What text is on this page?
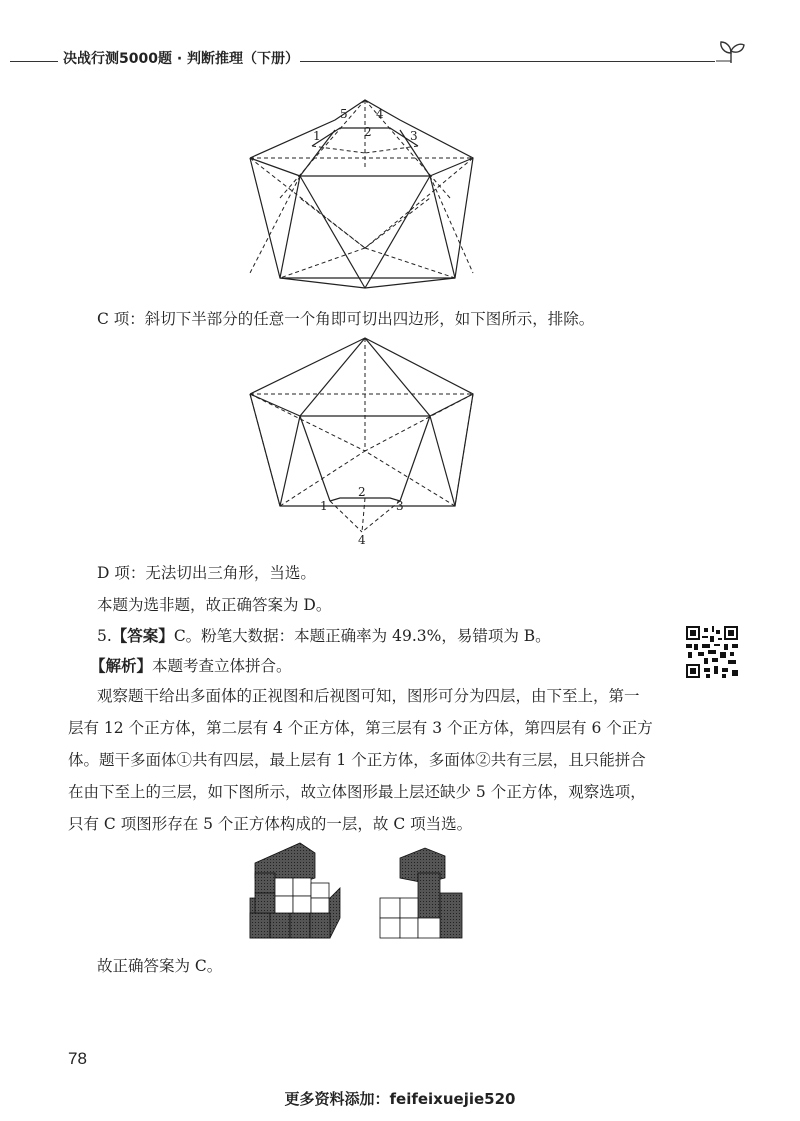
决战行测5000题 · 判断推理（下册）
1	2	3
4
5
C 项：斜切下半部分的任意一个角即可切出四边形，如下图所示，排除。
1
2
3
4
D 项：无法切出三角形，当选。
本题为选非题，故正确答案为 D。
5.【答案】C。粉笔大数据：本题正确率为 49.3%，易错项为 B。
【解析】本题考查立体拼合。
观察题干给出多面体的正视图和后视图可知，图形可分为四层，由下至上，第一
层有 12 个正方体，第二层有 4 个正方体，第三层有 3 个正方体，第四层有 6 个正方
体。题干多面体①共有四层，最上层有 1 个正方体，多面体②共有三层，且只能拼合
在由下至上的三层，如下图所示，故立体图形最上层还缺少 5 个正方体，观察选项，
只有 C 项图形存在 5 个正方体构成的一层，故 C 项当选。
故正确答案为 C。
78
更多资料添加：feifeixuejie520
